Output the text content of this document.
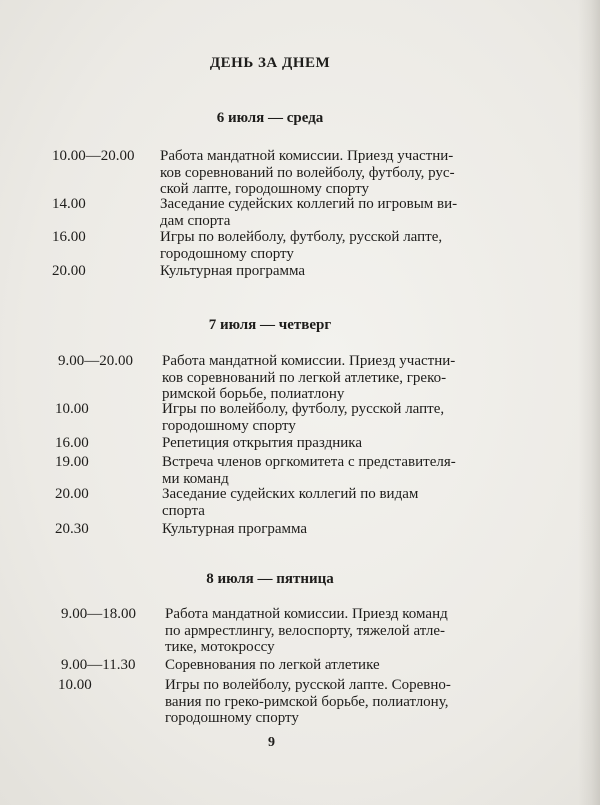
ДЕНЬ ЗА ДНЕМ
6 июля — среда
10.00—20.00 Работа мандатной комиссии. Приезд участни-
ков соревнований по волейболу, футболу, рус-
ской лапте, городошному спорту
14.00	Заседание судейских коллегий по игровым ви-
дам спорта
16.00	Игры по волейболу, футболу, русской лапте,
городошному спорту
20.00	Культурная программа
7 июля — четверг
9.00—20.00 Работа мандатной комиссии. Приезд участни-
ков соревнований по легкой атлетике, греко-
римской борьбе, полиатлону
10.00	Игры по волейболу, футболу, русской лапте,
городошному спорту
16.00	Репетиция открытия праздника
19.00	Встреча членов оргкомитета с представителя-
ми команд
20.00	Заседание судейских коллегий по видам
спорта
20.30	Культурная программа
8 июля — пятница
9.00—18.00 Работа мандатной комиссии. Приезд команд
по армрестлингу, велоспорту, тяжелой атле-
тике, мотокроссу
9.00—11.30 Соревнования по легкой атлетике
10.00	Игры по волейболу, русской лапте. Соревно-
вания по греко-римской борьбе, полиатлону,
городошному спорту
9
